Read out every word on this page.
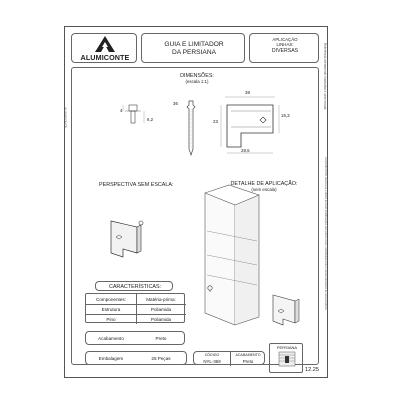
ALUMICONTE
GUIA E LIMITADOR
DA PERSIANA
APLICAÇÃO
LINHAS:
DIVERSAS
DIMENSÕES:
(escala 1:1)
4
6,2
36
38
23
15,3
28,5
PERSPECTIVA SEM ESCALA:	DETALHE DE APLICAÇÃO:
(sem escala)
CARACTERÍSTICAS:
Componentes:	Matéria-prima:
Estrutura	Poliamida
Pino	Poliamida
Acabamento	Preto
Embalagem	25 Peças
CÓDIGO
NYL-369
ACABAMENTO
Preto
PERSIANA
12.25
ALUMICONTE
Referência meramente ilustrativa e sem escala
A ALUMICONTE reserva-se o direito de fazer modificações sem prévio aviso, contribuindo para o desenvolvimento de seus produtos.
